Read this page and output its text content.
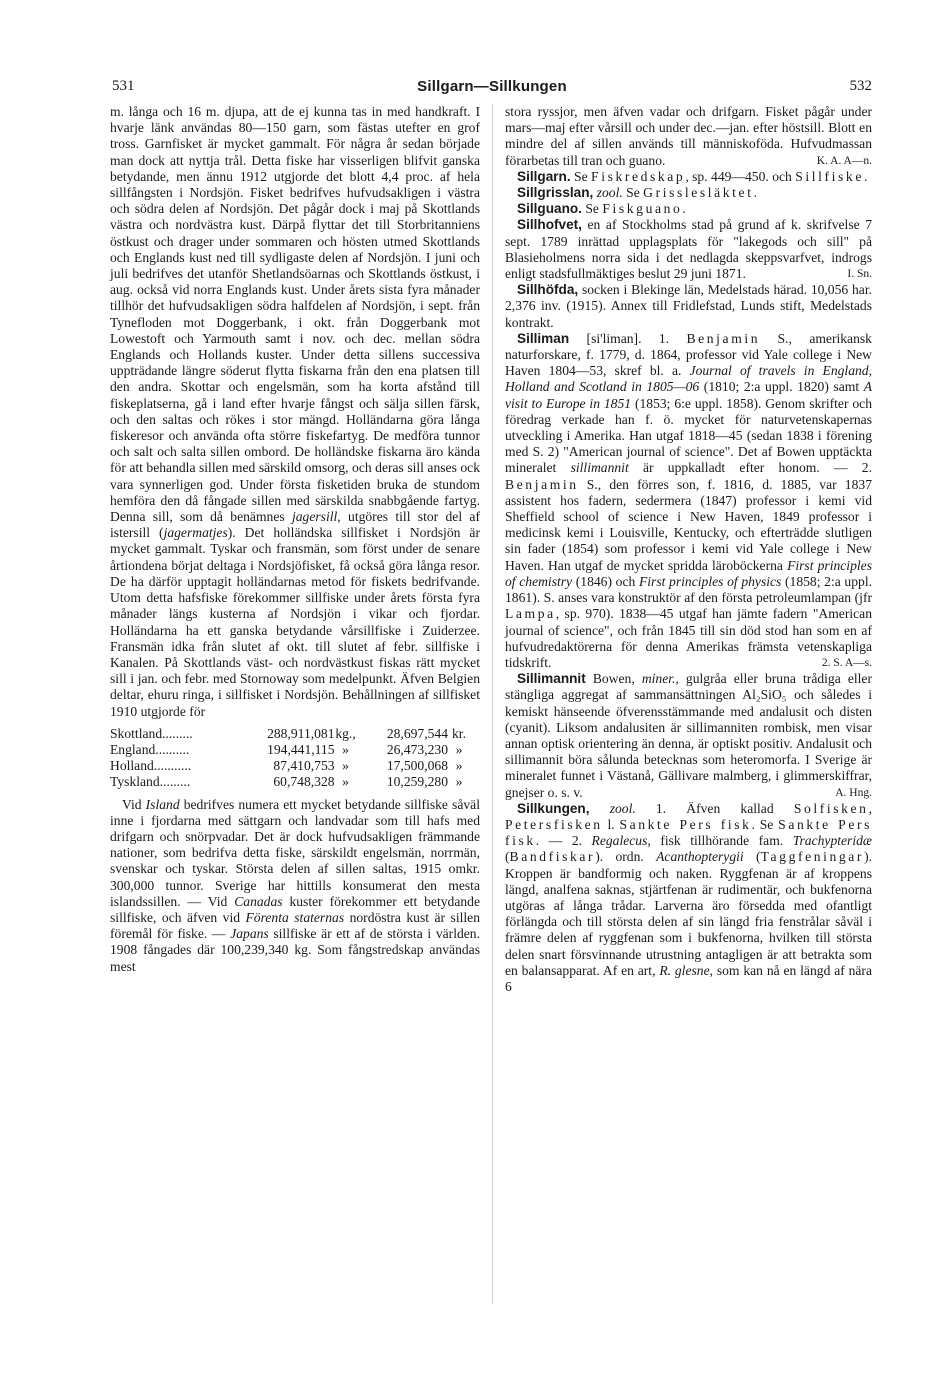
531	Sillgarn—Sillkungen	532

m. långa och 16 m. djupa, att de ej kunna tas in med handkraft. I hvarje länk användas 80—150 garn, som fästas utefter en grof tross. Garnfisket är mycket gammalt. För några år sedan började man dock att nyttja trål. Detta fiske har visserligen blifvit ganska betydande, men ännu 1912 utgjorde det blott 4,4 proc. af hela sillfångsten i Nordsjön. Fisket bedrifves hufvudsakligen i västra och södra delen af Nordsjön. Det pågår dock i maj på Skottlands västra och nordvästra kust. Därpå flyttar det till Storbritanniens östkust och drager under sommaren och hösten utmed Skottlands och Englands kust ned till sydligaste delen af Nordsjön. I juni och juli bedrifves det utanför Shetlandsöarnas och Skottlands östkust, i aug. också vid norra Englands kust. Under årets sista fyra månader tillhör det hufvudsakligen södra halfdelen af Nordsjön, i sept. från Tynefloden mot Doggerbank, i okt. från Doggerbank mot Lowestoft och Yarmouth samt i nov. och dec. mellan södra Englands och Hollands kuster. Under detta sillens successiva uppträdande längre söderut flytta fiskarna från den ena platsen till den andra. Skottar och engelsmän, som ha korta afstånd till fiskeplatserna, gå i land efter hvarje fångst och sälja sillen färsk, och den saltas och rökes i stor mängd. Holländarna göra långa fiskeresor och använda ofta större fiskefartyg. De medföra tunnor och salt och salta sillen ombord. De holländske fiskarna äro kända för att behandla sillen med särskild omsorg, och deras sill anses ock vara synnerligen god. Under första fisketiden bruka de stundom hemföra den då fångade sillen med särskilda snabbgående fartyg. Denna sill, som då benämnes jagersill, utgöres till stor del af istersill (jagermatjes). Det holländska sillfisket i Nordsjön är mycket gammalt. Tyskar och fransmän, som först under de senare årtiondena börjat deltaga i Nordsjöfisket, få också göra långa resor. De ha därför upptagit holländarnas metod för fiskets bedrifvande. Utom detta hafsfiske förekommer sillfiske under årets första fyra månader längs kusterna af Nordsjön i vikar och fjordar. Holländarna ha ett ganska betydande vårsillfiske i Zuiderzee. Fransmän idka från slutet af okt. till slutet af febr. sillfiske i Kanalen. På Skottlands väst- och nordvästkust fiskas rätt mycket sill i jan. och febr. med Stornoway som medelpunkt. Äfven Belgien deltar, ehuru ringa, i sillfisket i Nordsjön. Behållningen af sillfisket 1910 utgjorde för

Skottland.........	288,911,081	kg.,	28,697,544	kr.
England..........	194,441,115	»	26,473,230	»
Holland...........	87,410,753	»	17,500,068	»
Tyskland.........	60,748,328	»	10,259,280	»

Vid Island bedrifves numera ett mycket betydande sillfiske såväl inne i fjordarna med sättgarn och landvadar som till hafs med drifgarn och snörpvadar. Det är dock hufvudsakligen främmande nationer, som bedrifva detta fiske, särskildt engelsmän, norrmän, svenskar och tyskar. Största delen af sillen saltas, 1915 omkr. 300,000 tunnor. Sverige har hittills konsumerat den mesta islandssillen. — Vid Canadas kuster förekommer ett betydande sillfiske, och äfven vid Förenta staternas nordöstra kust är sillen föremål för fiske. — Japans sillfiske är ett af de största i världen. 1908 fångades där 100,239,340 kg. Som fångstredskap användas mest

stora ryssjor, men äfven vadar och drifgarn. Fisket pågår under mars—maj efter vårsill och under dec.—jan. efter höstsill. Blott en mindre del af sillen används till människoföda. Hufvudmassan förarbetas till tran och guano.	K. A. A—n.

Sillgarn. Se Fiskredskap, sp. 449—450. och Sillfiske.

Sillgrisslan, zool. Se Grisslesläktet.

Sillguano. Se Fiskguano.

Sillhofvet, en af Stockholms stad på grund af k. skrifvelse 7 sept. 1789 inrättad upplagsplats för "lakegods och sill" på Blasieholmens norra sida i det nedlagda skeppsvarfvet, indrogs enligt stadsfullmäktiges beslut 29 juni 1871.	I. Sn.

Sillhöfda, socken i Blekinge län, Medelstads härad. 10,056 har. 2,376 inv. (1915). Annex till Fridlefstad, Lunds stift, Medelstads kontrakt.

Silliman [si'liman]. 1. Benjamin S., amerikansk naturforskare, f. 1779, d. 1864, professor vid Yale college i New Haven 1804—53, skref bl. a. Journal of travels in England, Holland and Scotland in 1805—06 (1810; 2:a uppl. 1820) samt A visit to Europe in 1851 (1853; 6:e uppl. 1858). Genom skrifter och föredrag verkade han f. ö. mycket för naturvetenskapernas utveckling i Amerika. Han utgaf 1818—45 (sedan 1838 i förening med S. 2) "American journal of science". Det af Bowen upptäckta mineralet sillimannit är uppkalladt efter honom. — 2. Benjamin S., den förres son, f. 1816, d. 1885, var 1837 assistent hos fadern, sedermera (1847) professor i kemi vid Sheffield school of science i New Haven, 1849 professor i medicinsk kemi i Louisville, Kentucky, och efterträdde slutligen sin fader (1854) som professor i kemi vid Yale college i New Haven. Han utgaf de mycket spridda läroböckerna First principles of chemistry (1846) och First principles of physics (1858; 2:a uppl. 1861). S. anses vara konstruktör af den första petroleumlampan (jfr Lampa, sp. 970). 1838—45 utgaf han jämte fadern "American journal of science", och från 1845 till sin död stod han som en af hufvudredaktörerna för denna Amerikas främsta vetenskapliga tidskrift.	2. S. A—s.

Sillimannit Bowen, miner., gulgråa eller bruna trådiga eller stängliga aggregat af sammansättningen Al₂SiO₅ och således i kemiskt hänseende öfverensstämmande med andalusit och disten (cyanit). Liksom andalusiten är sillimanniten rombisk, men visar annan optisk orientering än denna, är optiskt positiv. Andalusit och sillimannit böra sålunda betecknas som heteromorfa. I Sverige är mineralet funnet i Västanå, Gällivare malmberg, i glimmerskiffrar, gnejser o. s. v.	A. Hng.

Sillkungen, zool. 1. Äfven kallad Solfisken, Petersfisken l. Sankte Pers fisk. Se Sankte Pers fisk. — 2. Regalecus, fisk tillhörande fam. Trachypteridæ (Bandfiskar). ordn. Acanthopterygii (Taggfeningar). Kroppen är bandformig och naken. Ryggfenan är af kroppens längd, analfena saknas, stjärtfenan är rudimentär, och bukfenorna utgöras af långa trådar. Larverna äro försedda med ofantligt förlängda och till största delen af sin längd fria fenstrålar såväl i främre delen af ryggfenan som i bukfenorna, hvilken till största delen snart försvinnande utrustning antagligen är att betrakta som en balansapparat. Af en art, R. glesne, som kan nå en längd af nära 6
